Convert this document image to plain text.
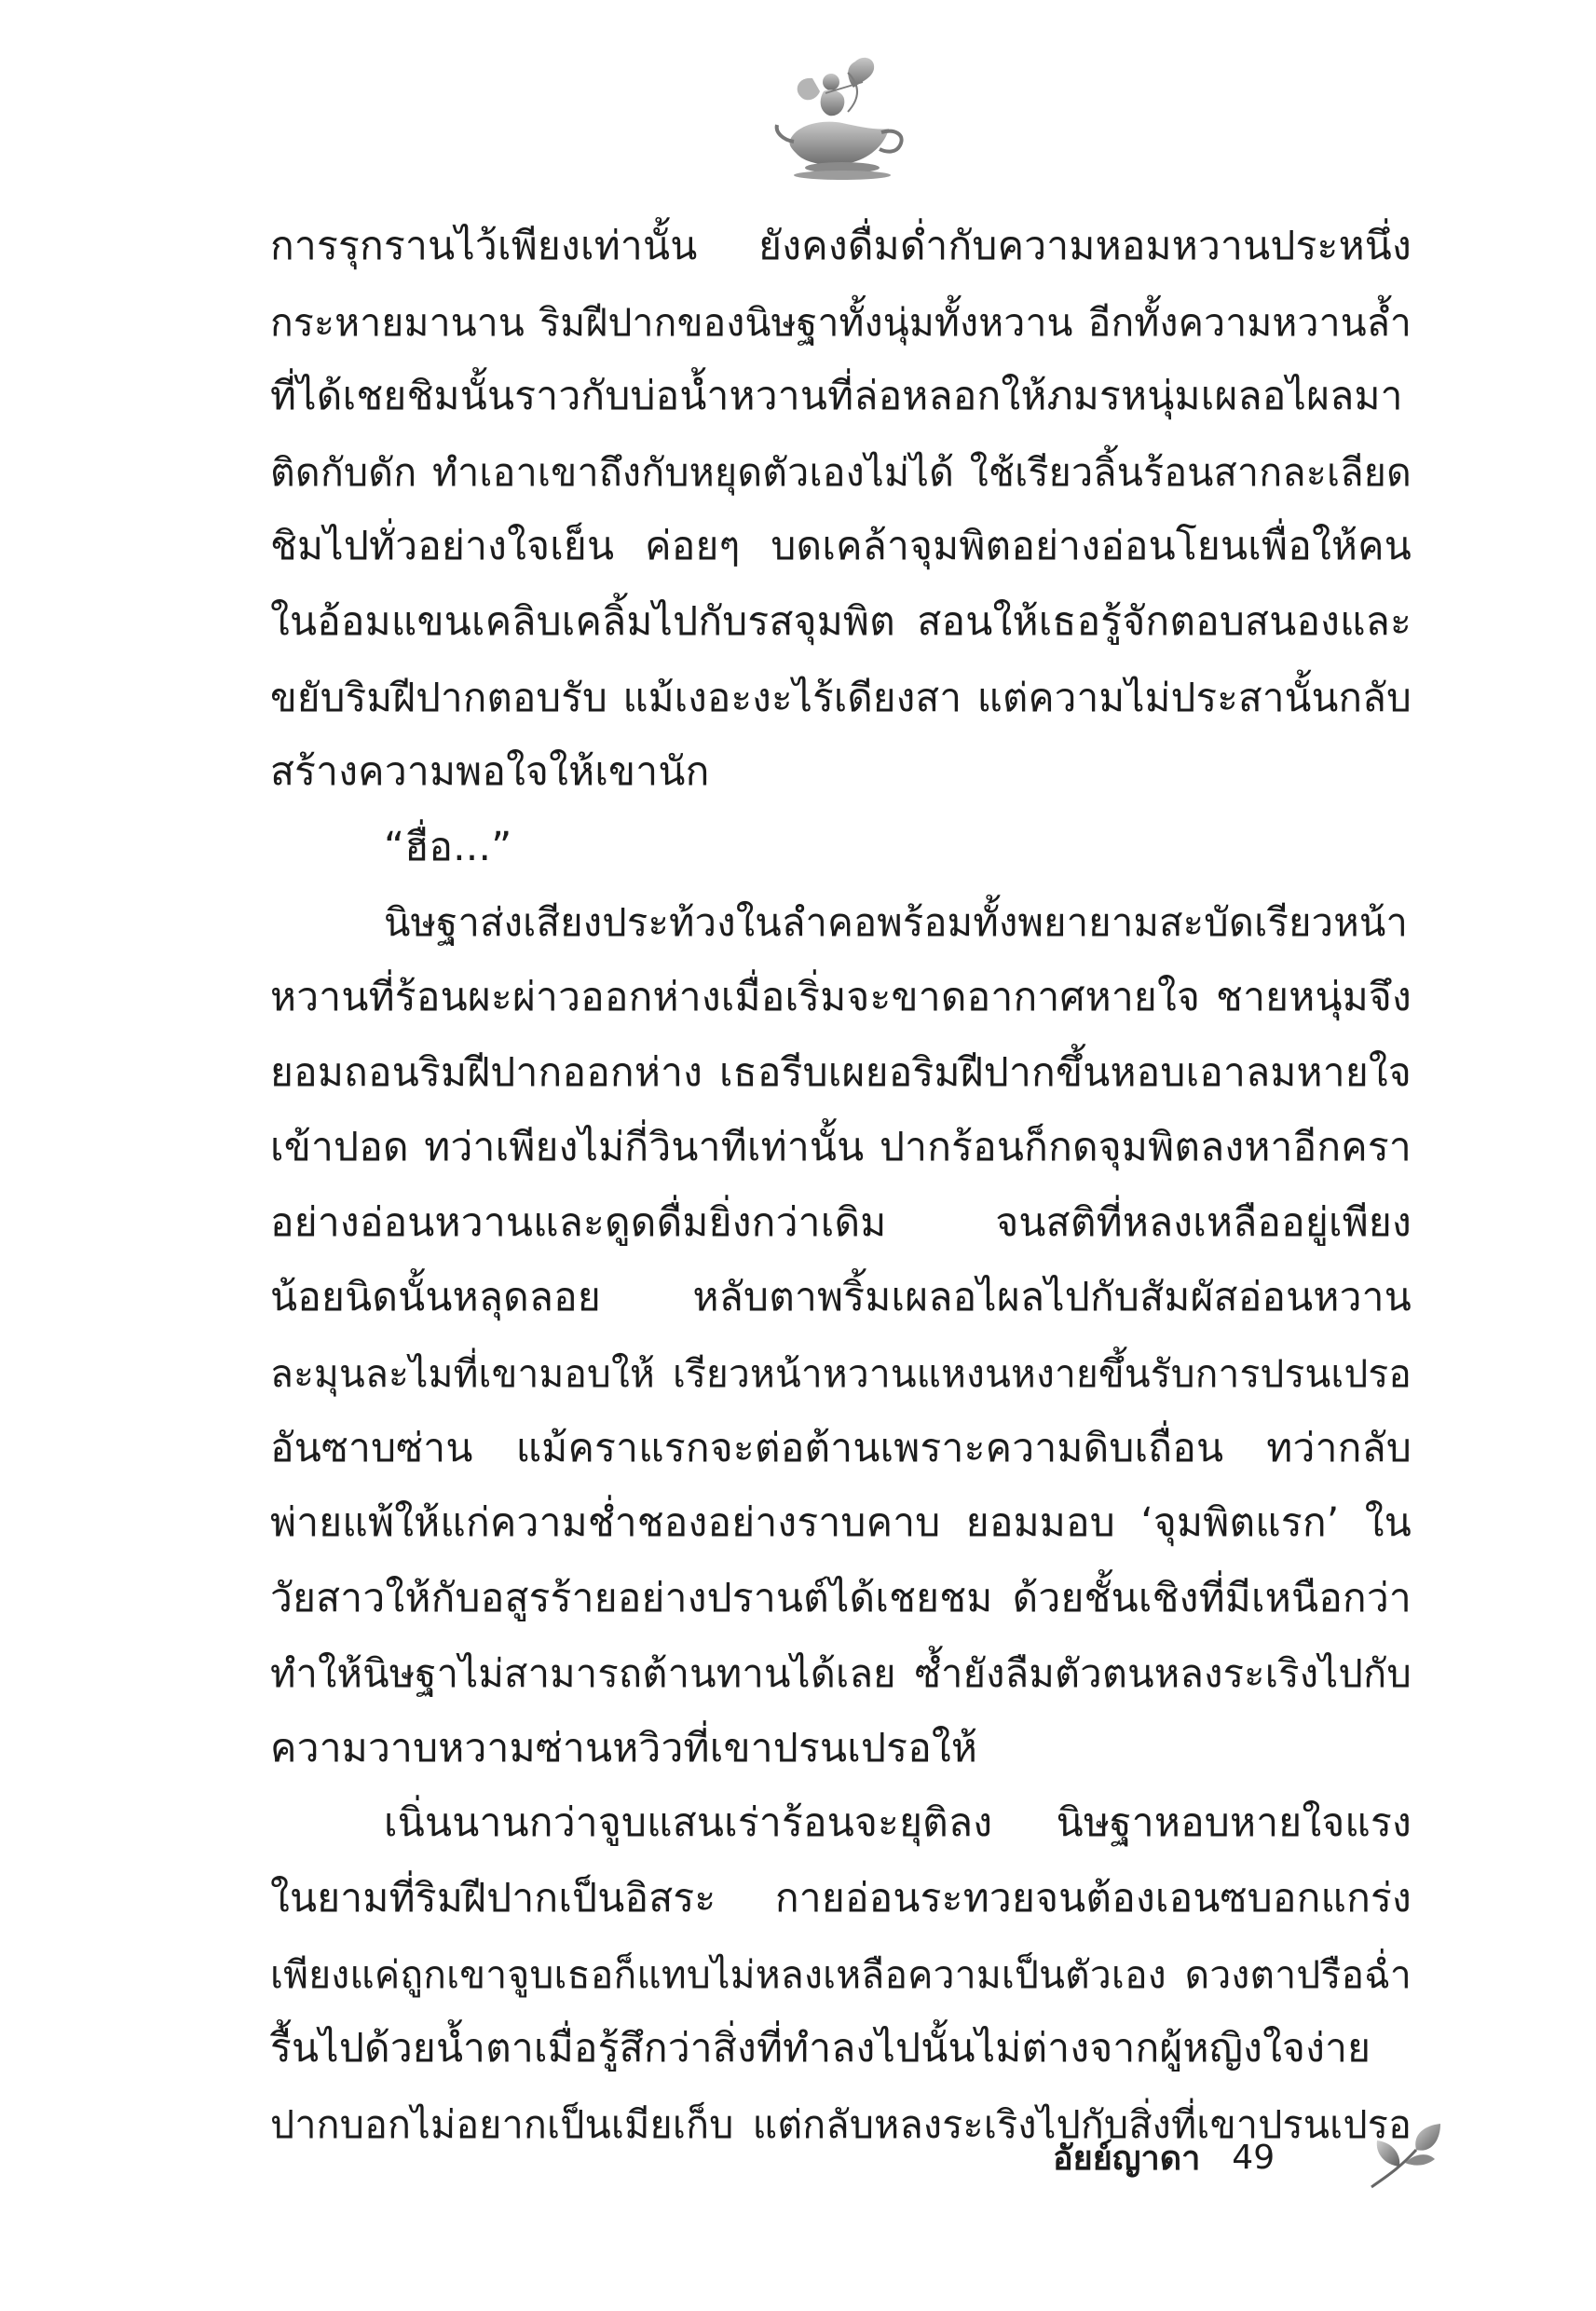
การรุกรานไว้เพียงเท่านั้น ยังคงดื่มด่ำกับความหอมหวานประหนึ่ง
กระหายมานาน ริมฝีปากของนิษฐาทั้งนุ่มทั้งหวาน อีกทั้งความหวานล้ำ
ที่ได้เชยชิมนั้นราวกับบ่อน้ำหวานที่ล่อหลอกให้ภมรหนุ่มเผลอไผลมา
ติดกับดัก ทำเอาเขาถึงกับหยุดตัวเองไม่ได้ ใช้เรียวลิ้นร้อนสากละเลียด
ชิมไปทั่วอย่างใจเย็น ค่อยๆ บดเคล้าจุมพิตอย่างอ่อนโยนเพื่อให้คน
ในอ้อมแขนเคลิบเคลิ้มไปกับรสจุมพิต สอนให้เธอรู้จักตอบสนองและ
ขยับริมฝีปากตอบรับ แม้เงอะงะไร้เดียงสา แต่ความไม่ประสานั้นกลับ
สร้างความพอใจให้เขานัก
“ฮื่อ...”
นิษฐาส่งเสียงประท้วงในลำคอพร้อมทั้งพยายามสะบัดเรียวหน้า
หวานที่ร้อนผะผ่าวออกห่างเมื่อเริ่มจะขาดอากาศหายใจ ชายหนุ่มจึง
ยอมถอนริมฝีปากออกห่าง เธอรีบเผยอริมฝีปากขึ้นหอบเอาลมหายใจ
เข้าปอด ทว่าเพียงไม่กี่วินาทีเท่านั้น ปากร้อนก็กดจุมพิตลงหาอีกครา
อย่างอ่อนหวานและดูดดื่มยิ่งกว่าเดิม จนสติที่หลงเหลืออยู่เพียง
น้อยนิดนั้นหลุดลอย หลับตาพริ้มเผลอไผลไปกับสัมผัสอ่อนหวาน
ละมุนละไมที่เขามอบให้ เรียวหน้าหวานแหงนหงายขึ้นรับการปรนเปรอ
อันซาบซ่าน แม้คราแรกจะต่อต้านเพราะความดิบเถื่อน ทว่ากลับ
พ่ายแพ้ให้แก่ความช่ำชองอย่างราบคาบ ยอมมอบ ‘จุมพิตแรก’ ใน
วัยสาวให้กับอสูรร้ายอย่างปรานต์ได้เชยชม ด้วยชั้นเชิงที่มีเหนือกว่า
ทำให้นิษฐาไม่สามารถต้านทานได้เลย ซ้ำยังลืมตัวตนหลงระเริงไปกับ
ความวาบหวามซ่านหวิวที่เขาปรนเปรอให้
เนิ่นนานกว่าจูบแสนเร่าร้อนจะยุติลง นิษฐาหอบหายใจแรง
ในยามที่ริมฝีปากเป็นอิสระ กายอ่อนระทวยจนต้องเอนซบอกแกร่ง
เพียงแค่ถูกเขาจูบเธอก็แทบไม่หลงเหลือความเป็นตัวเอง ดวงตาปรือฉ่ำ
รื้นไปด้วยน้ำตาเมื่อรู้สึกว่าสิ่งที่ทำลงไปนั้นไม่ต่างจากผู้หญิงใจง่าย
ปากบอกไม่อยากเป็นเมียเก็บ แต่กลับหลงระเริงไปกับสิ่งที่เขาปรนเปรอ
อัยย์ญาดา 49
